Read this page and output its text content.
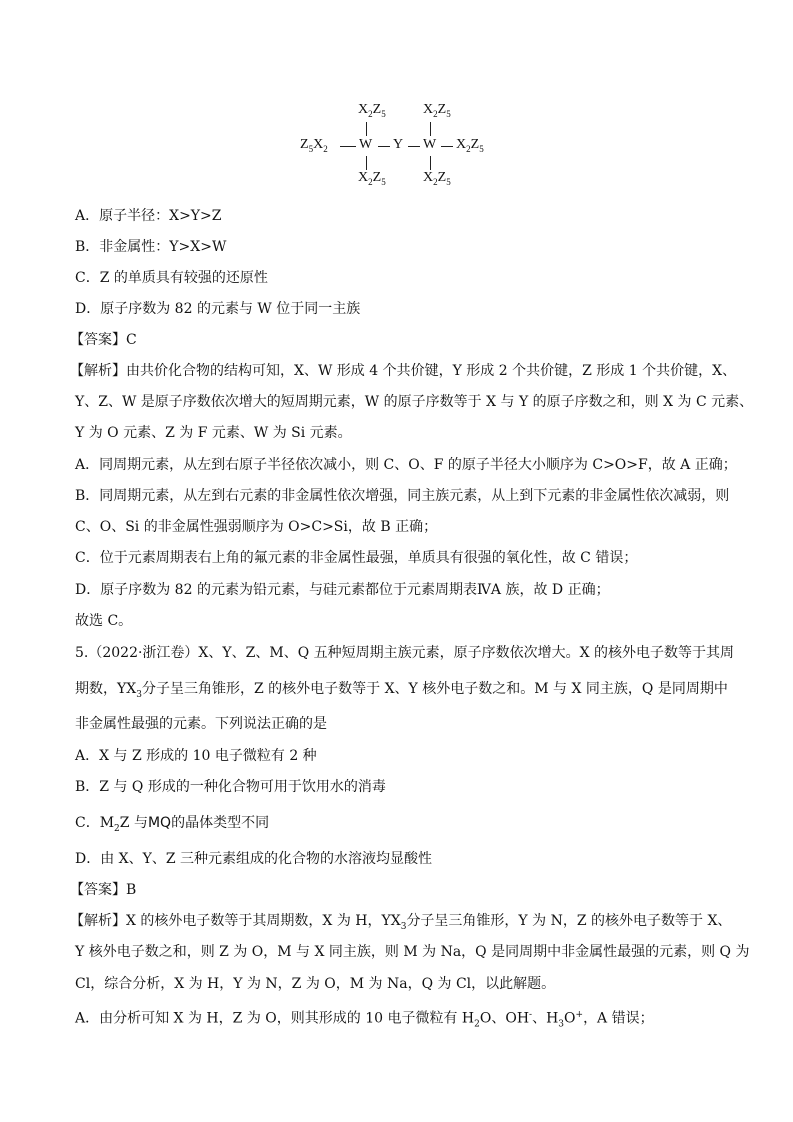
$X_2Z_5$	$X_2Z_5$
$Z_5X_2$ W Y W $X_2Z_5$
$X_2Z_5$	$X_2Z_5$
A．原子半径：X>Y>Z
B．非金属性：Y>X>W
C．Z 的单质具有较强的还原性
D．原子序数为 82 的元素与 W 位于同一主族
【答案】C
【解析】由共价化合物的结构可知，X、W 形成 4 个共价键，Y 形成 2 个共价键，Z 形成 1 个共价键，X、
Y、Z、W 是原子序数依次增大的短周期元素，W 的原子序数等于 X 与 Y 的原子序数之和，则 X 为 C 元素、
Y 为 O 元素、Z 为 F 元素、W 为 Si 元素。
A．同周期元素，从左到右原子半径依次减小，则 C、O、F 的原子半径大小顺序为 C>O>F，故 A 正确；
B．同周期元素，从左到右元素的非金属性依次增强，同主族元素，从上到下元素的非金属性依次减弱，则
C、O、Si 的非金属性强弱顺序为 O>C>Si，故 B 正确；
C．位于元素周期表右上角的氟元素的非金属性最强，单质具有很强的氧化性，故 C 错误；
D．原子序数为 82 的元素为铅元素，与硅元素都位于元素周期表ⅣA 族，故 D 正确；
故选 C。
5.（2022·浙江卷）X、Y、Z、M、Q 五种短周期主族元素，原子序数依次增大。X 的核外电子数等于其周
期数，$YX_3$分子呈三角锥形，Z 的核外电子数等于 X、Y 核外电子数之和。M 与 X 同主族，Q 是同周期中
非金属性最强的元素。下列说法正确的是
A．X 与 Z 形成的 10 电子微粒有 2 种
B．Z 与 Q 形成的一种化合物可用于饮用水的消毒
C．$M_2Z$ 与MQ的晶体类型不同
D．由 X、Y、Z 三种元素组成的化合物的水溶液均显酸性
【答案】B
【解析】X 的核外电子数等于其周期数，X 为 H，$YX_3$分子呈三角锥形，Y 为 N，Z 的核外电子数等于 X、
Y 核外电子数之和，则 Z 为 O，M 与 X 同主族，则 M 为 Na，Q 是同周期中非金属性最强的元素，则 Q 为
Cl，综合分析，X 为 H，Y 为 N，Z 为 O，M 为 Na，Q 为 Cl，以此解题。
A．由分析可知 X 为 H，Z 为 O，则其形成的 10 电子微粒有 $H_2O$、OH-、$H_3O^+$，A 错误；
